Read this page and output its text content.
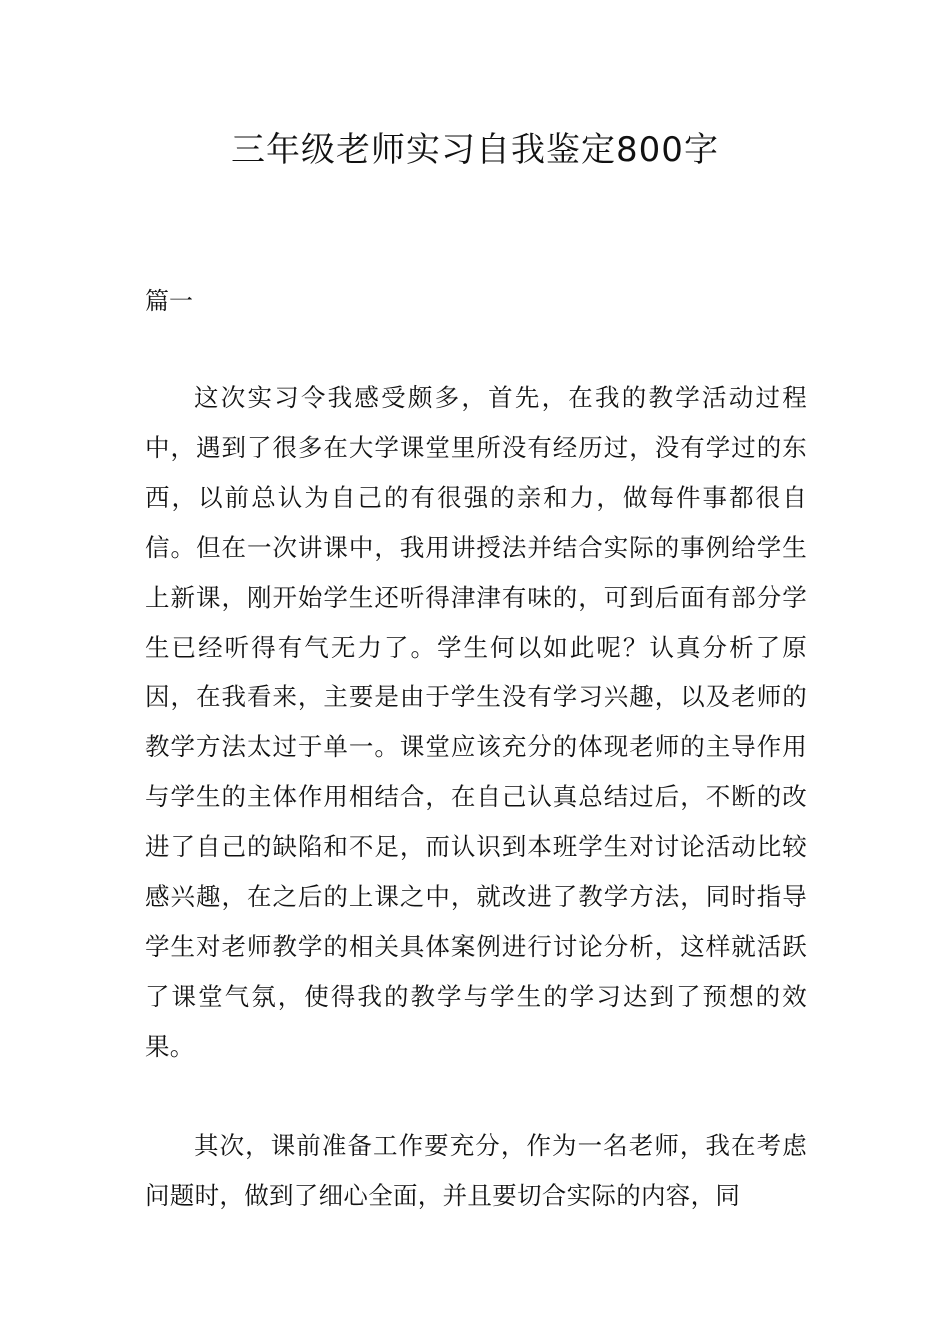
三年级老师实习自我鉴定800字

篇一

这次实习令我感受颇多，首先，在我的教学活动过程中，遇到了很多在大学课堂里所没有经历过，没有学过的东西，以前总认为自己的有很强的亲和力，做每件事都很自信。但在一次讲课中，我用讲授法并结合实际的事例给学生上新课，刚开始学生还听得津津有味的，可到后面有部分学生已经听得有气无力了。学生何以如此呢？认真分析了原因，在我看来，主要是由于学生没有学习兴趣，以及老师的教学方法太过于单一。课堂应该充分的体现老师的主导作用与学生的主体作用相结合，在自己认真总结过后，不断的改进了自己的缺陷和不足，而认识到本班学生对讨论活动比较感兴趣，在之后的上课之中，就改进了教学方法，同时指导学生对老师教学的相关具体案例进行讨论分析，这样就活跃了课堂气氛，使得我的教学与学生的学习达到了预想的效果。

其次，课前准备工作要充分，作为一名老师，我在考虑问题时，做到了细心全面，并且要切合实际的内容，同
